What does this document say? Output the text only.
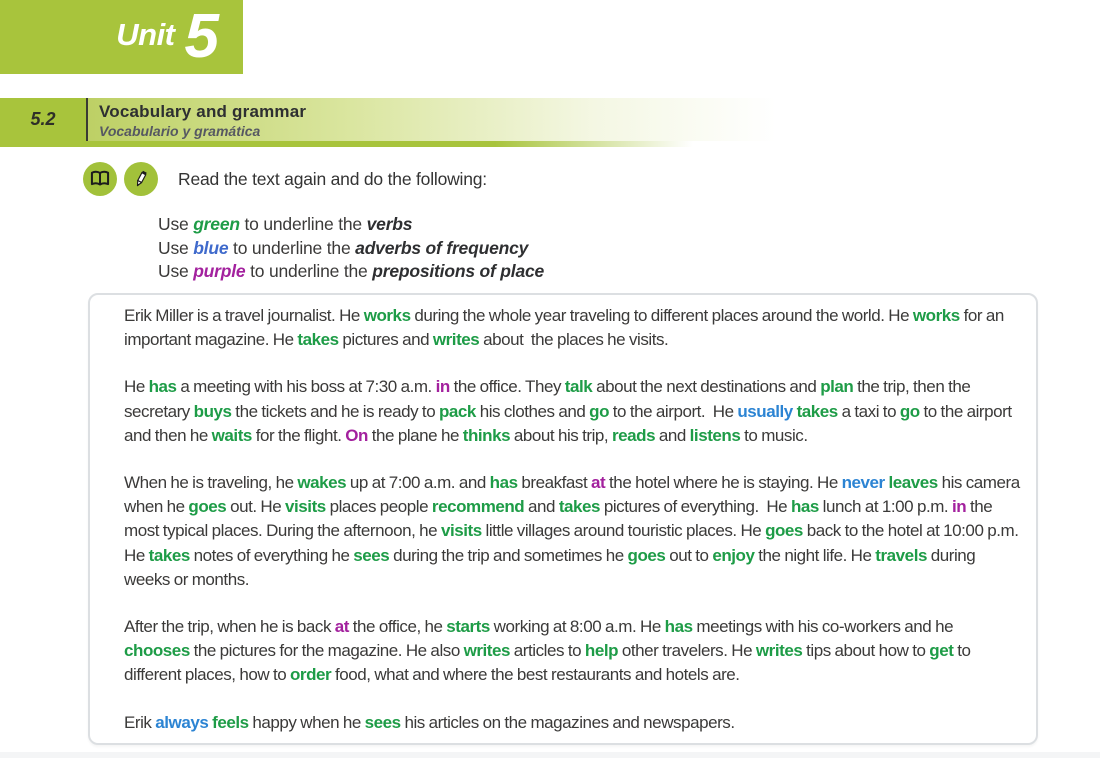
Unit 5
5.2	Vocabulary and grammar
Vocabulario y gramática
Read the text again and do the following:
Use green to underline the verbs
Use blue to underline the adverbs of frequency
Use purple to underline the prepositions of place

Erik Miller is a travel journalist. He works during the whole year traveling to different places around the world. He works for an important magazine. He takes pictures and writes about  the places he visits.

He has a meeting with his boss at 7:30 a.m. in the office. They talk about the next destinations and plan the trip, then the secretary buys the tickets and he is ready to pack his clothes and go to the airport.  He usually takes a taxi to go to the airport and then he waits for the flight. On the plane he thinks about his trip, reads and listens to music.

When he is traveling, he wakes up at 7:00 a.m. and has breakfast at the hotel where he is staying. He never leaves his camera when he goes out. He visits places people recommend and takes pictures of everything.  He has lunch at 1:00 p.m. in the most typical places. During the afternoon, he visits little villages around touristic places. He goes back to the hotel at 10:00 p.m. He takes notes of everything he sees during the trip and sometimes he goes out to enjoy the night life. He travels during weeks or months.

After the trip, when he is back at the office, he starts working at 8:00 a.m. He has meetings with his co-workers and he chooses the pictures for the magazine. He also writes articles to help other travelers. He writes tips about how to get to different places, how to order food, what and where the best restaurants and hotels are.

Erik always feels happy when he sees his articles on the magazines and newspapers.
